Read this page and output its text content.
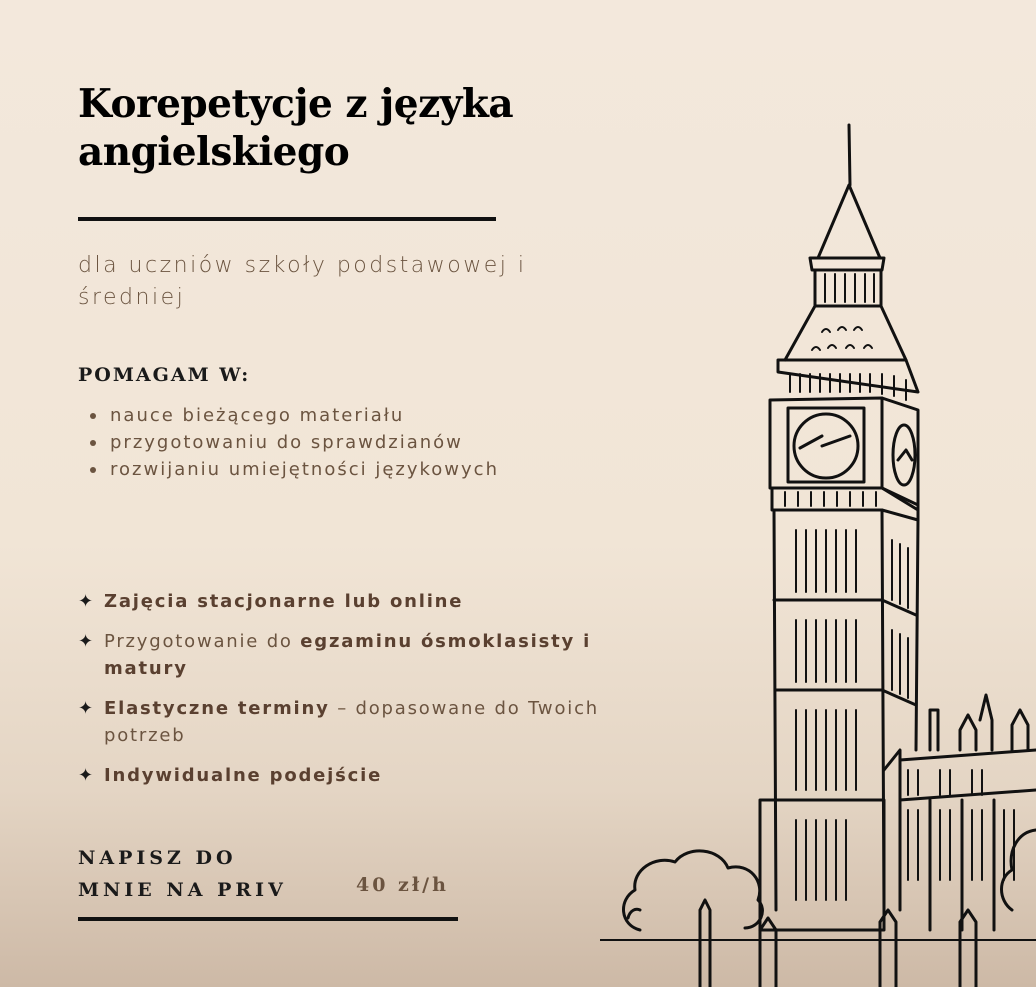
Korepetycje z języka angielskiego
dla uczniów szkoły podstawowej i średniej
POMAGAM W:
nauce bieżącego materiału
przygotowaniu do sprawdzianów
rozwijaniu umiejętności językowych
✦ Zajęcia stacjonarne lub online
✦ Przygotowanie do egzaminu ósmoklasisty i matury
✦ Elastyczne terminy – dopasowane do Twoich potrzeb
✦ Indywidualne podejście
NAPISZ DO
MNIE NA PRIV	40 zł/h
